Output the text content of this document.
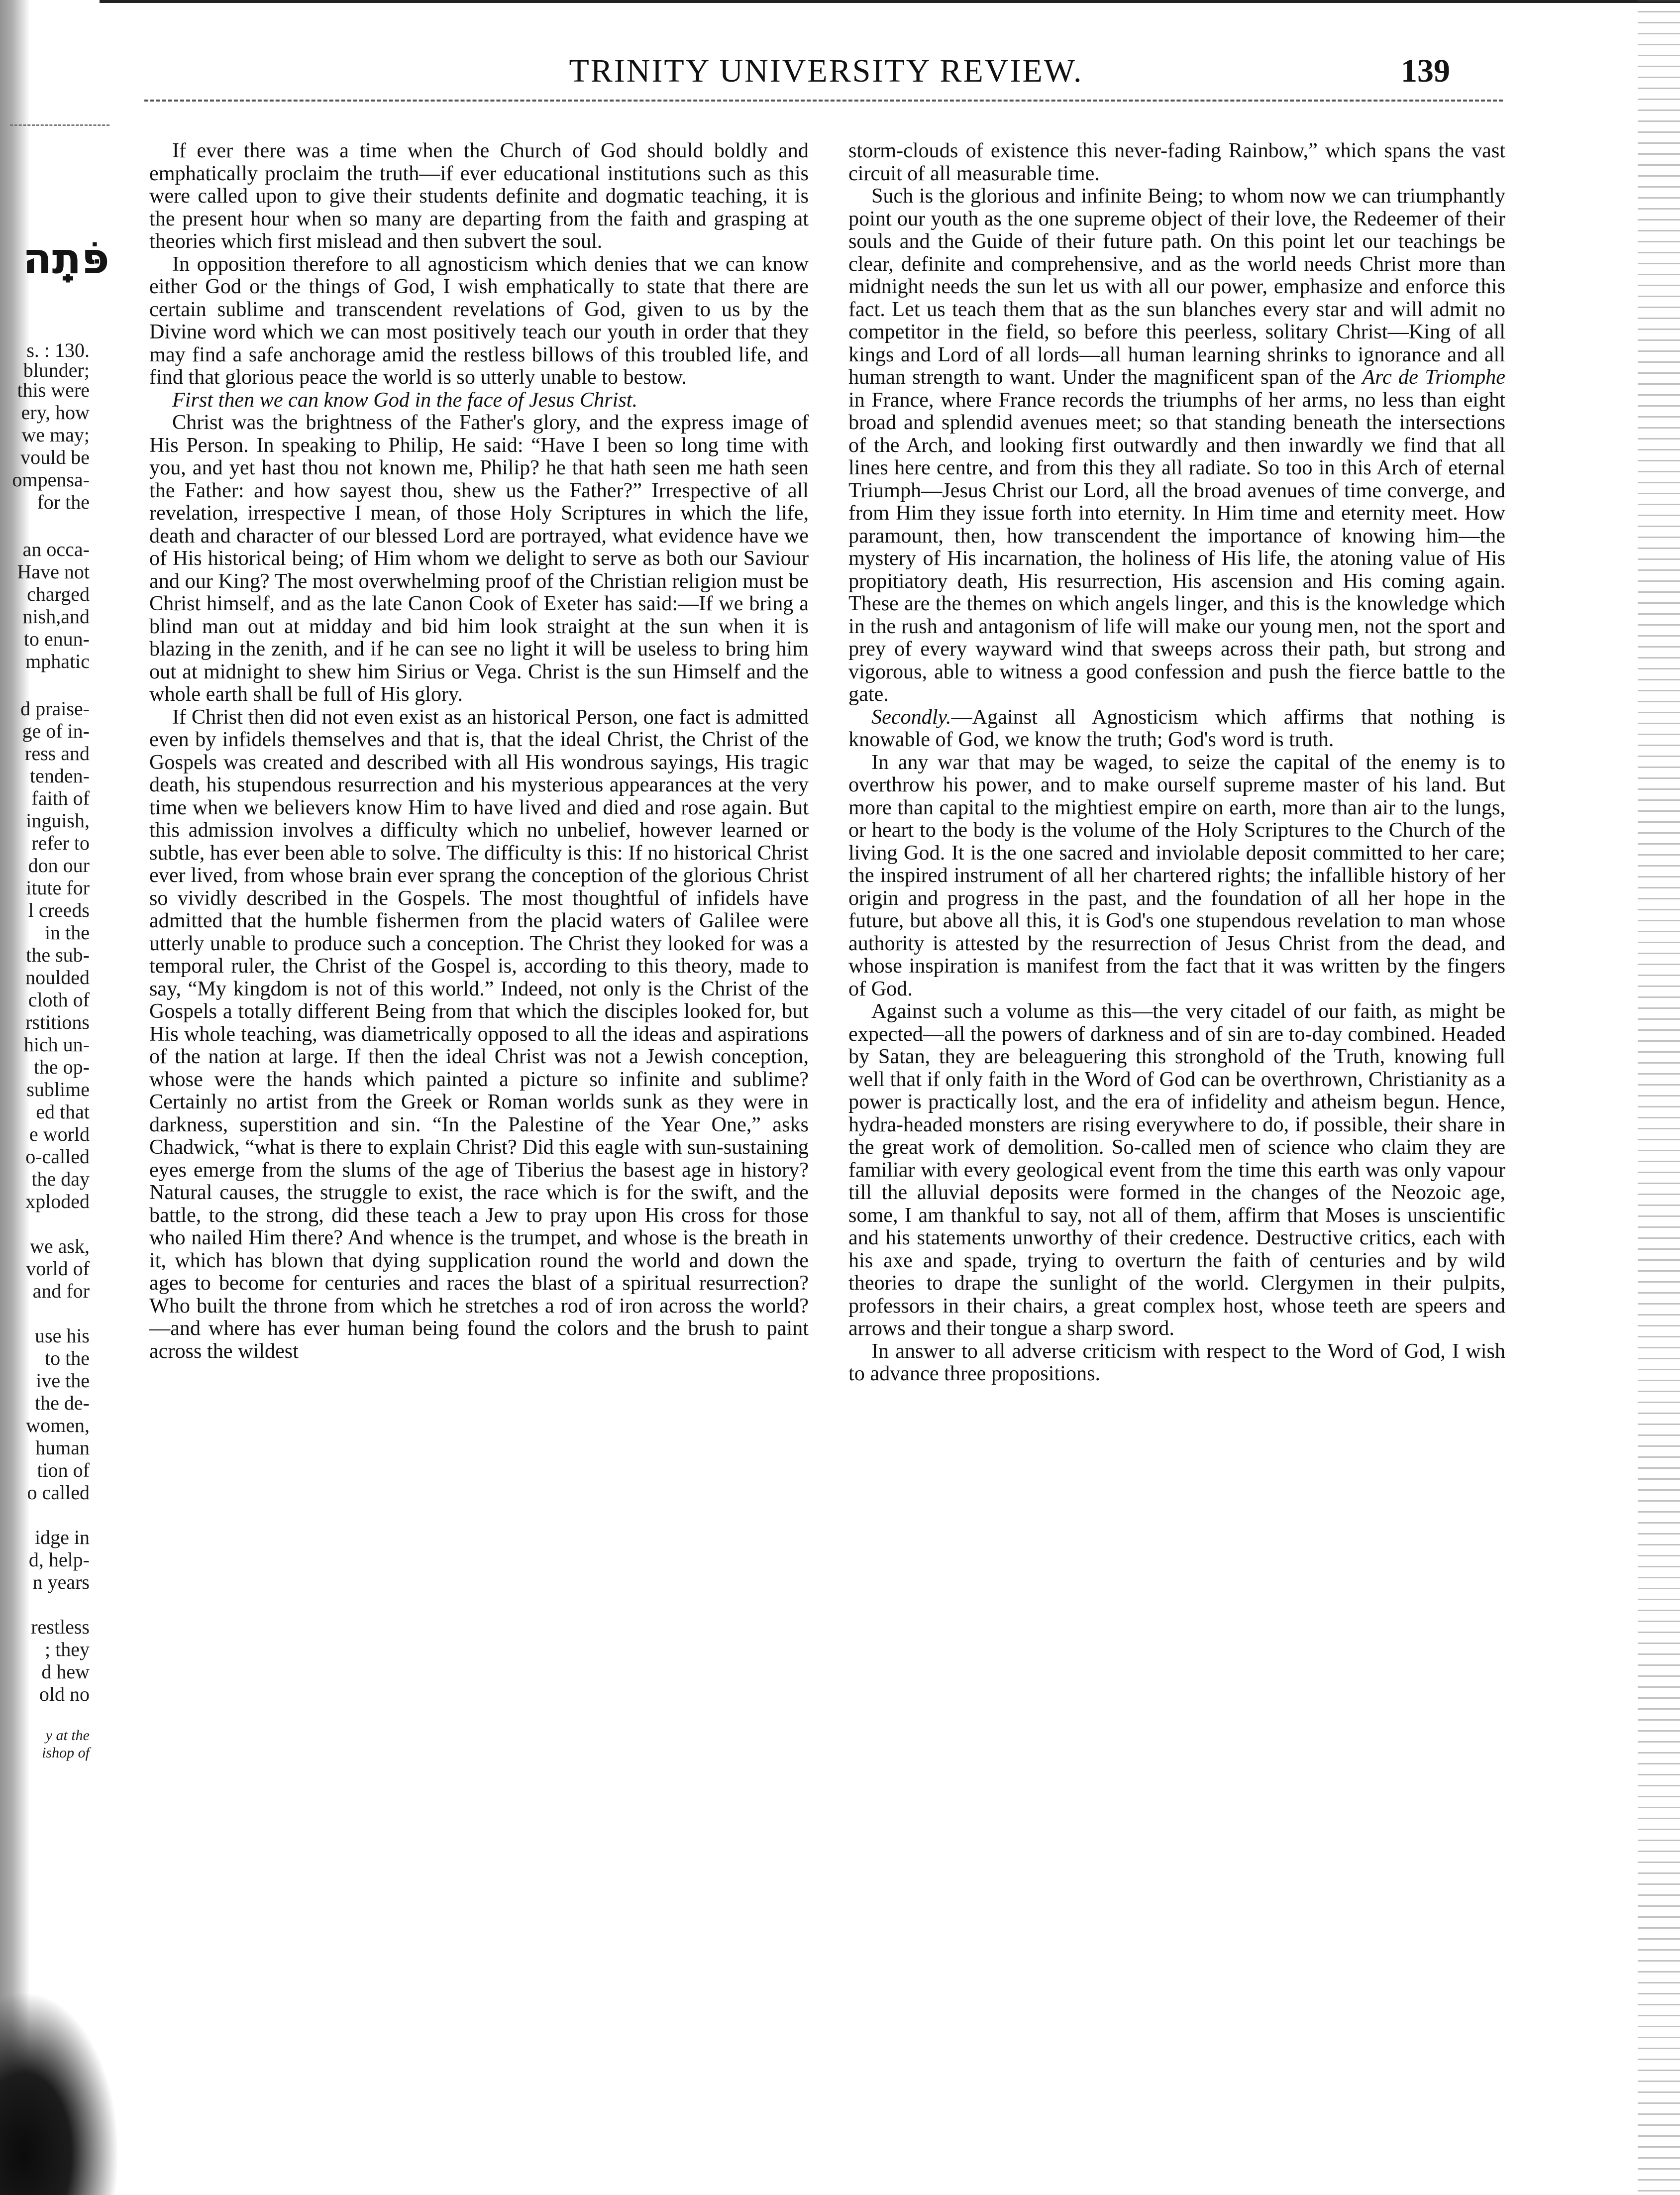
פֹּתֵֽה
s. : 130.
blunder;
this were
ery, how
we may;
vould be
ompensa-
for the
an occa-
Have not
charged
nish,and
to enun-
mphatic
d praise-
ge of in-
ress and
tenden-
faith of
inguish,
refer to
don our
itute for
l creeds
in the
the sub-
noulded
cloth of
rstitions
hich un-
the op-
sublime
ed that
e world
o-called
the day
xploded
we ask,
vorld of
and for
use his
to the
ive the
the de-
women,
human
tion of
o called
idge in
d, help-
n years
restless
; they
d hew
old no
y at the
ishop of
TRINITY UNIVERSITY REVIEW.	139

If ever there was a time when the Church of God should boldly and emphatically proclaim the truth—if ever educational institutions such as this were called upon to give their students definite and dogmatic teaching, it is the present hour when so many are departing from the faith and grasping at theories which first mislead and then subvert the soul.

In opposition therefore to all agnosticism which denies that we can know either God or the things of God, I wish emphatically to state that there are certain sublime and transcendent revelations of God, given to us by the Divine word which we can most positively teach our youth in order that they may find a safe anchorage amid the restless billows of this troubled life, and find that glorious peace the world is so utterly unable to bestow.

First then we can know God in the face of Jesus Christ.

Christ was the brightness of the Father's glory, and the express image of His Person. In speaking to Philip, He said: “Have I been so long time with you, and yet hast thou not known me, Philip? he that hath seen me hath seen the Father: and how sayest thou, shew us the Father?” Irrespective of all revelation, irrespective I mean, of those Holy Scriptures in which the life, death and character of our blessed Lord are portrayed, what evidence have we of His historical being; of Him whom we delight to serve as both our Saviour and our King? The most overwhelming proof of the Christian religion must be Christ himself, and as the late Canon Cook of Exeter has said:—If we bring a blind man out at midday and bid him look straight at the sun when it is blazing in the zenith, and if he can see no light it will be useless to bring him out at midnight to shew him Sirius or Vega. Christ is the sun Himself and the whole earth shall be full of His glory.

If Christ then did not even exist as an historical Person, one fact is admitted even by infidels themselves and that is, that the ideal Christ, the Christ of the Gospels was created and described with all His wondrous sayings, His tragic death, his stupendous resurrection and his mysterious appearances at the very time when we believers know Him to have lived and died and rose again. But this admission involves a difficulty which no unbelief, however learned or subtle, has ever been able to solve. The difficulty is this: If no historical Christ ever lived, from whose brain ever sprang the conception of the glorious Christ so vividly described in the Gospels. The most thoughtful of infidels have admitted that the humble fishermen from the placid waters of Galilee were utterly unable to produce such a conception. The Christ they looked for was a temporal ruler, the Christ of the Gospel is, according to this theory, made to say, “My kingdom is not of this world.” Indeed, not only is the Christ of the Gospels a totally different Being from that which the disciples looked for, but His whole teaching, was diametrically opposed to all the ideas and aspirations of the nation at large. If then the ideal Christ was not a Jewish conception, whose were the hands which painted a picture so infinite and sublime? Certainly no artist from the Greek or Roman worlds sunk as they were in darkness, superstition and sin. “In the Palestine of the Year One,” asks Chadwick, “what is there to explain Christ? Did this eagle with sun-sustaining eyes emerge from the slums of the age of Tiberius the basest age in history? Natural causes, the struggle to exist, the race which is for the swift, and the battle, to the strong, did these teach a Jew to pray upon His cross for those who nailed Him there? And whence is the trumpet, and whose is the breath in it, which has blown that dying supplication round the world and down the ages to become for centuries and races the blast of a spiritual resurrection? Who built the throne from which he stretches a rod of iron across the world?—and where has ever human being found the colors and the brush to paint across the wildest

storm-clouds of existence this never-fading Rainbow,” which spans the vast circuit of all measurable time.

Such is the glorious and infinite Being; to whom now we can triumphantly point our youth as the one supreme object of their love, the Redeemer of their souls and the Guide of their future path. On this point let our teachings be clear, definite and comprehensive, and as the world needs Christ more than midnight needs the sun let us with all our power, emphasize and enforce this fact. Let us teach them that as the sun blanches every star and will admit no competitor in the field, so before this peerless, solitary Christ—King of all kings and Lord of all lords—all human learning shrinks to ignorance and all human strength to want. Under the magnificent span of the Arc de Triomphe in France, where France records the triumphs of her arms, no less than eight broad and splendid avenues meet; so that standing beneath the intersections of the Arch, and looking first outwardly and then inwardly we find that all lines here centre, and from this they all radiate. So too in this Arch of eternal Triumph—Jesus Christ our Lord, all the broad avenues of time converge, and from Him they issue forth into eternity. In Him time and eternity meet. How paramount, then, how transcendent the importance of knowing him—the mystery of His incarnation, the holiness of His life, the atoning value of His propitiatory death, His resurrection, His ascension and His coming again. These are the themes on which angels linger, and this is the knowledge which in the rush and antagonism of life will make our young men, not the sport and prey of every wayward wind that sweeps across their path, but strong and vigorous, able to witness a good confession and push the fierce battle to the gate.

Secondly.—Against all Agnosticism which affirms that nothing is knowable of God, we know the truth; God's word is truth.

In any war that may be waged, to seize the capital of the enemy is to overthrow his power, and to make ourself supreme master of his land. But more than capital to the mightiest empire on earth, more than air to the lungs, or heart to the body is the volume of the Holy Scriptures to the Church of the living God. It is the one sacred and inviolable deposit committed to her care; the inspired instrument of all her chartered rights; the infallible history of her origin and progress in the past, and the foundation of all her hope in the future, but above all this, it is God's one stupendous revelation to man whose authority is attested by the resurrection of Jesus Christ from the dead, and whose inspiration is manifest from the fact that it was written by the fingers of God.

Against such a volume as this—the very citadel of our faith, as might be expected—all the powers of darkness and of sin are to-day combined. Headed by Satan, they are beleaguering this stronghold of the Truth, knowing full well that if only faith in the Word of God can be overthrown, Christianity as a power is practically lost, and the era of infidelity and atheism begun. Hence, hydra-headed monsters are rising everywhere to do, if possible, their share in the great work of demolition. So-called men of science who claim they are familiar with every geological event from the time this earth was only vapour till the alluvial deposits were formed in the changes of the Neozoic age, some, I am thankful to say, not all of them, affirm that Moses is unscientific and his statements unworthy of their credence. Destructive critics, each with his axe and spade, trying to overturn the faith of centuries and by wild theories to drape the sunlight of the world. Clergymen in their pulpits, professors in their chairs, a great complex host, whose teeth are speers and arrows and their tongue a sharp sword.

In answer to all adverse criticism with respect to the Word of God, I wish to advance three propositions.
